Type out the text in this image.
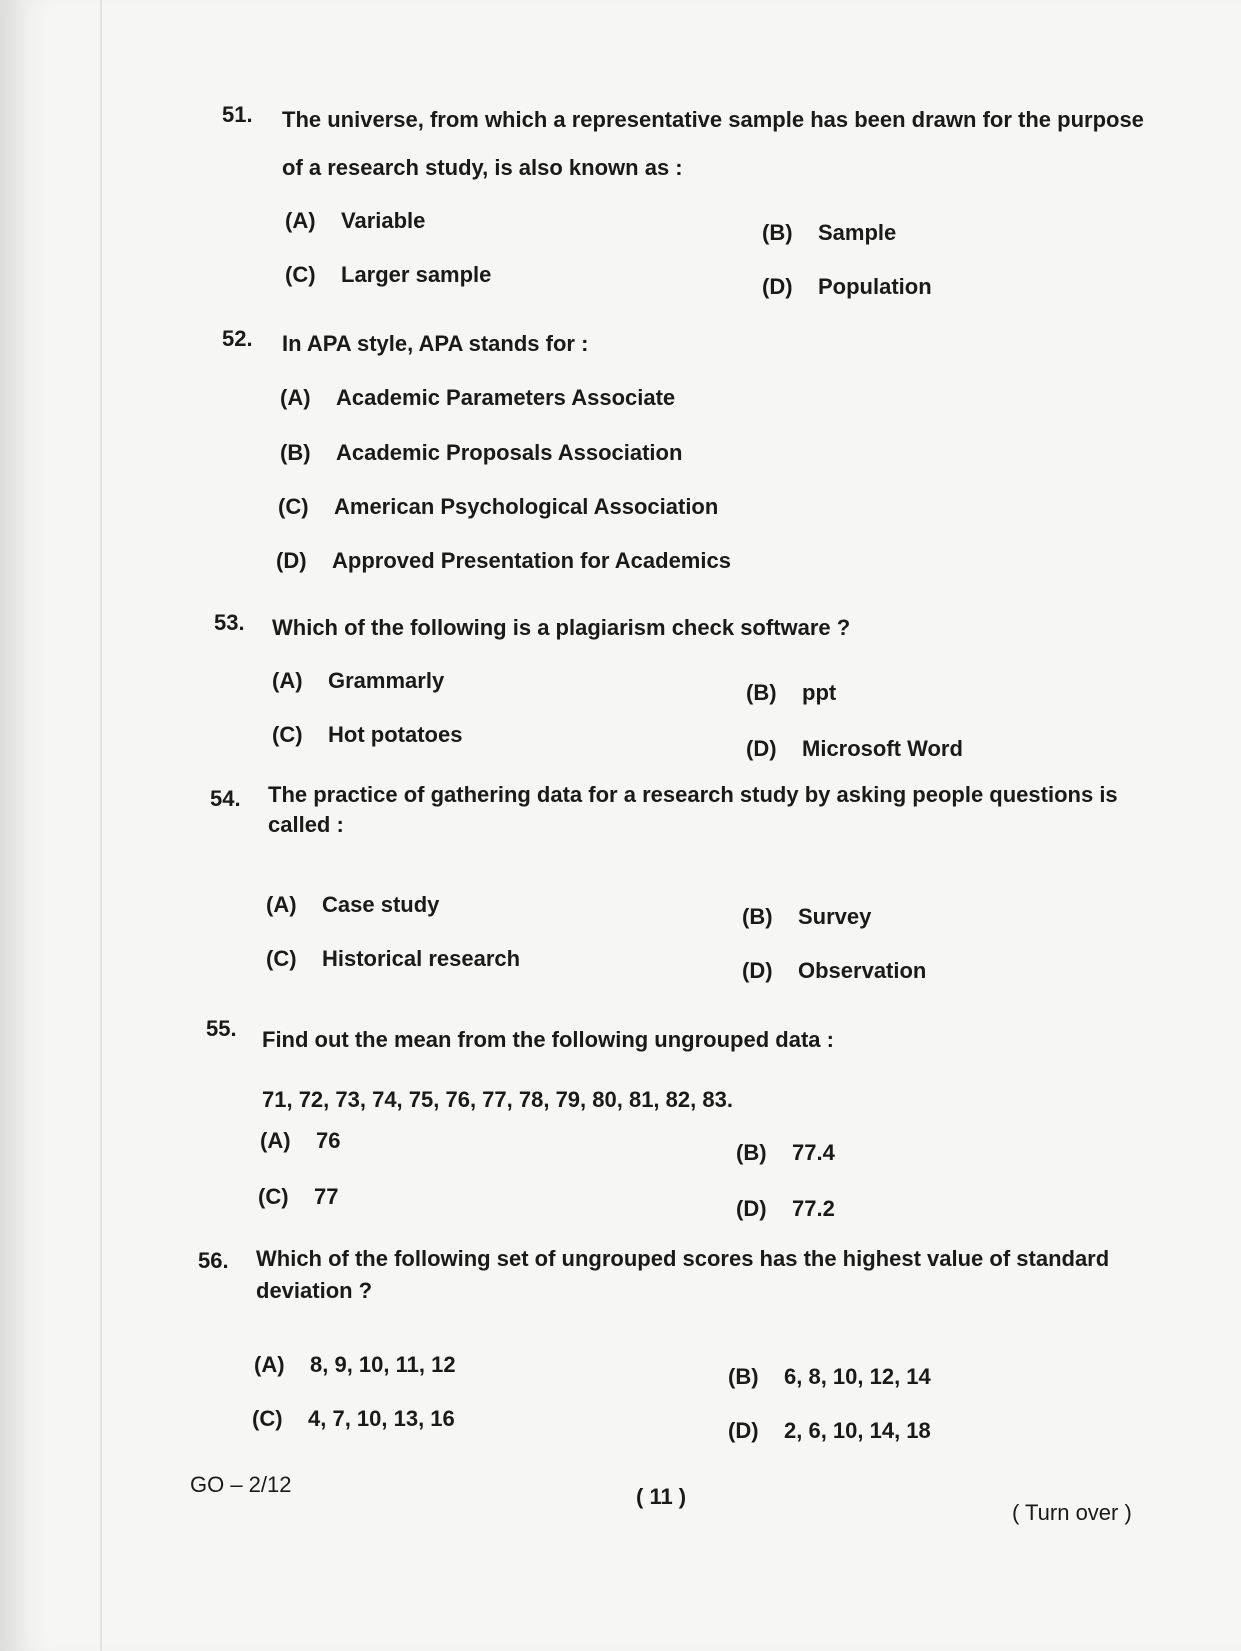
51. The universe, from which a representative sample has been drawn for the purpose
of a research study, is also known as :
(A) Variable	(B) Sample
(C) Larger sample	(D) Population
52. In APA style, APA stands for :
(A) Academic Parameters Associate
(B) Academic Proposals Association
(C) American Psychological Association
(D) Approved Presentation for Academics
53. Which of the following is a plagiarism check software ?
(A) Grammarly	(B) ppt
(C) Hot potatoes
(D) Microsoft Word
54. The practice of gathering data for a research study by asking people questions is
called :
(A) Case study	(B) Survey
(C) Historical research	(D) Observation
55. Find out the mean from the following ungrouped data :
71, 72, 73, 74, 75, 76, 77, 78, 79, 80, 81, 82, 83.
(A) 76	(B) 77.4
(C) 77	(D) 77.2
56. Which of the following set of ungrouped scores has the highest value of standard
deviation ?
(A) 8, 9, 10, 11, 12	(B) 6, 8, 10, 12, 14
(C) 4, 7, 10, 13, 16	(D) 2, 6, 10, 14, 18
GO – 2/12	( 11 )
( Turn over )
